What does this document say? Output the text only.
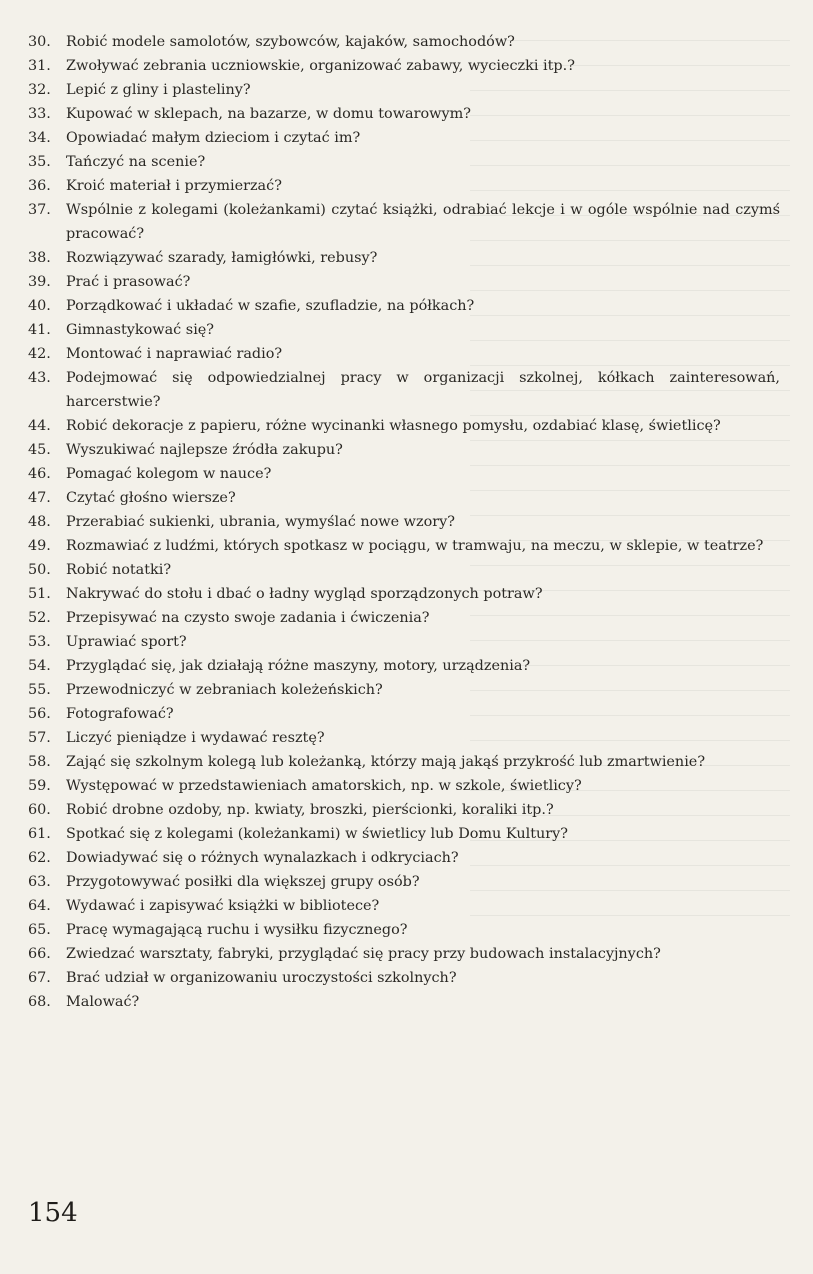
30.	Robić modele samolotów, szybowców, kajaków, samochodów?
31.	Zwoływać zebrania uczniowskie, organizować zabawy, wycieczki itp.?
32.	Lepić z gliny i plasteliny?
33.	Kupować w sklepach, na bazarze, w domu towarowym?
34.	Opowiadać małym dzieciom i czytać im?
35.	Tańczyć na scenie?
36.	Kroić materiał i przymierzać?
37.	Wspólnie z kolegami (koleżankami) czytać książki, odrabiać lekcje i w ogóle wspólnie nad czymś pracować?
38.	Rozwiązywać szarady, łamigłówki, rebusy?
39.	Prać i prasować?
40.	Porządkować i układać w szafie, szufladzie, na półkach?
41.	Gimnastykować się?
42.	Montować i naprawiać radio?
43.	Podejmować się odpowiedzialnej pracy w organizacji szkolnej, kółkach zainteresowań, harcerstwie?
44.	Robić dekoracje z papieru, różne wycinanki własnego pomysłu, ozdabiać klasę, świetlicę?
45.	Wyszukiwać najlepsze źródła zakupu?
46.	Pomagać kolegom w nauce?
47.	Czytać głośno wiersze?
48.	Przerabiać sukienki, ubrania, wymyślać nowe wzory?
49.	Rozmawiać z ludźmi, których spotkasz w pociągu, w tramwaju, na meczu, w sklepie, w teatrze?
50.	Robić notatki?
51.	Nakrywać do stołu i dbać o ładny wygląd sporządzonych potraw?
52.	Przepisywać na czysto swoje zadania i ćwiczenia?
53.	Uprawiać sport?
54.	Przyglądać się, jak działają różne maszyny, motory, urządzenia?
55.	Przewodniczyć w zebraniach koleżeńskich?
56.	Fotografować?
57.	Liczyć pieniądze i wydawać resztę?
58.	Zająć się szkolnym kolegą lub koleżanką, którzy mają jakąś przykrość lub zmartwienie?
59.	Występować w przedstawieniach amatorskich, np. w szkole, świetlicy?
60.	Robić drobne ozdoby, np. kwiaty, broszki, pierścionki, koraliki itp.?
61.	Spotkać się z kolegami (koleżankami) w świetlicy lub Domu Kultury?
62.	Dowiadywać się o różnych wynalazkach i odkryciach?
63.	Przygotowywać posiłki dla większej grupy osób?
64.	Wydawać i zapisywać książki w bibliotece?
65.	Pracę wymagającą ruchu i wysiłku fizycznego?
66.	Zwiedzać warsztaty, fabryki, przyglądać się pracy przy budowach instalacyjnych?
67.	Brać udział w organizowaniu uroczystości szkolnych?
68.	Malować?
154
